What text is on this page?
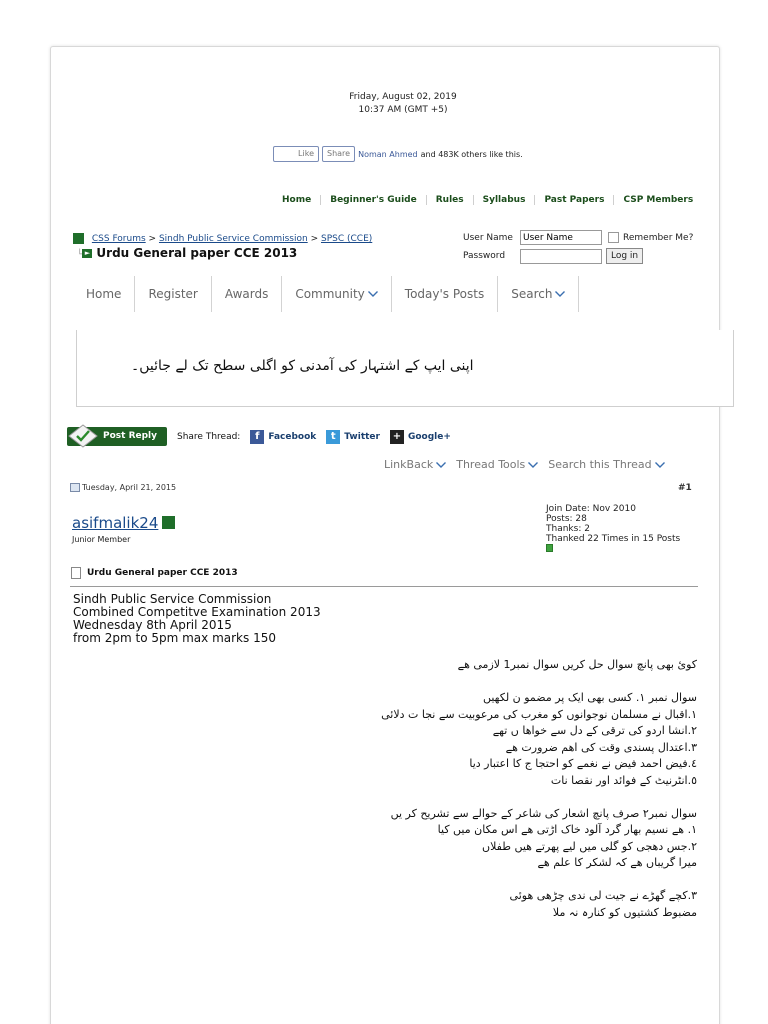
Friday, August 02, 2019
10:37 AM (GMT +5)
Like	Share	Noman Ahmed and 483K others like this.
Home	Beginner's Guide	Rules	Syllabus	Past Papers	CSP Members
CSS Forums > Sindh Public Service Commission > SPSC (CCE)
└ ► Urdu General paper CCE 2013
User Name
User Name	Remember Me?
Password	Log in
Home Register Awards Community	Today's Posts Search
اپنی ایپ کے اشتہار کی آمدنی کو اگلی سطح تک لے جائیں۔
Post Reply	Share Thread:	f Facebook	t Twitter + Google+
LinkBack Thread Tools Search this Thread
Tuesday, April 21, 2015	#1
asifmalik24
Junior Member
Join Date: Nov 2010
Posts: 28
Thanks: 2
Thanked 22 Times in 15 Posts
Urdu General paper CCE 2013
Sindh Public Service Commission
Combined Competitve Examination 2013
Wednesday 8th April 2015
from 2pm to 5pm max marks 150
کوئ بھی پانچ سوال حل کریں سوال نمبر1 لازمی ھے
سوال نمبر ١. کسی بھی ایک پر مضمو ن لکھیں
١.اقبال نے مسلمان نوجوانوں کو مغرب کی مرعوبیت سے نجا ت دلائی
٢.انشا اردو کی ترقی کے دل سے خواھا ں تھے
٣.اعتدال پسندی وقت کی اھم ضرورت ھے
٤.فیض احمد فیض نے نغمے کو احتجا ج کا اعتبار دیا
٥.انٹرنیٹ کے فوائد اور نقصا نات
سوال نمبر٢ صرف پانچ اشعار کی شاعر کے حوالے سے تشریح کر یں
١. ھے نسیم بھار گرد آلود خاک اڑتی ھے اس مکان میں کیا
٢.جس دھجی کو گلی میں لیے پھرتے ھیں طفلاں
میرا گریباں ھے کہ لشکر کا علم ھے
٣.کچے گھڑے نے جیت لی ندی چڑھی ھوئی
مضبوط کشتیوں کو کنارہ نہ ملا
